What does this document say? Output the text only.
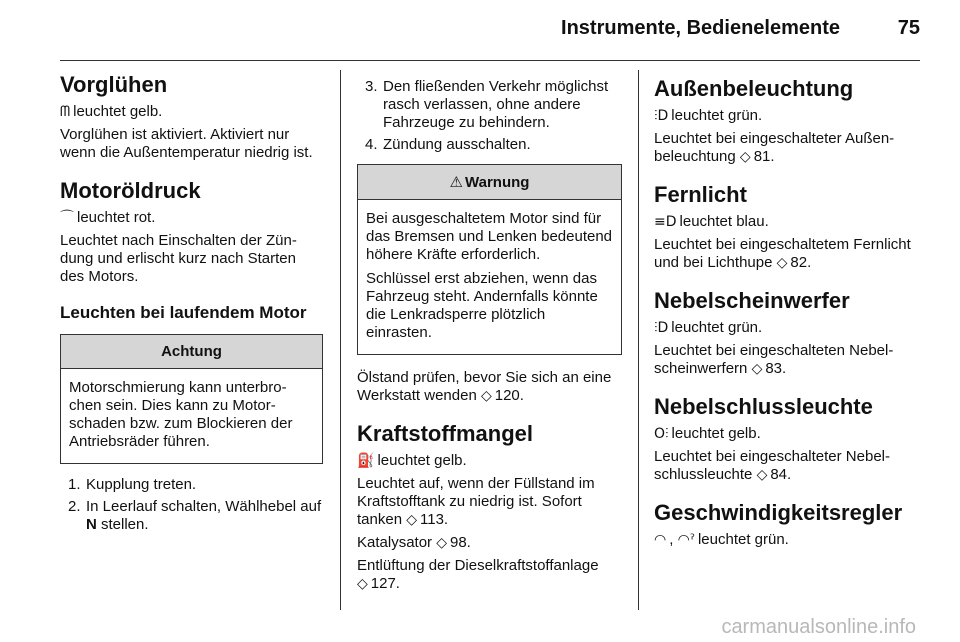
Instrumente, Bedienelemente	75
Vorglühen

ᗰ leuchtet gelb.

Vorglühen ist aktiviert. Aktiviert nur wenn die Außentemperatur niedrig ist.

Motoröldruck

⌒ leuchtet rot.

Leuchtet nach Einschalten der Zündung und erlischt kurz nach Starten des Motors.

Leuchten bei laufendem Motor
Achtung

Motorschmierung kann unterbrochen sein. Dies kann zu Motorschaden bzw. zum Blockieren der Antriebsräder führen.

1. Kupplung treten.
2. In Leerlauf schalten, Wählhebel auf N stellen.
3. Den fließenden Verkehr möglichst rasch verlassen, ohne andere Fahrzeuge zu behindern.
4. Zündung ausschalten.
⚠ Warnung

Bei ausgeschaltetem Motor sind für das Bremsen und Lenken bedeutend höhere Kräfte erforderlich.

Schlüssel erst abziehen, wenn das Fahrzeug steht. Andernfalls könnte die Lenkradsperre plötzlich einrasten.

Ölstand prüfen, bevor Sie sich an eine Werkstatt wenden ◇ 120.

Kraftstoffmangel

⛽ leuchtet gelb.

Leuchtet auf, wenn der Füllstand im Kraftstofftank zu niedrig ist. Sofort tanken ◇ 113.

Katalysator ◇ 98.

Entlüftung der Dieselkraftstoffanlage
◇ 127.

Außenbeleuchtung

⫶D leuchtet grün.

Leuchtet bei eingeschalteter Außenbeleuchtung ◇ 81.

Fernlicht

≡D leuchtet blau.

Leuchtet bei eingeschaltetem Fernlicht und bei Lichthupe ◇ 82.

Nebelscheinwerfer

⫶D leuchtet grün.

Leuchtet bei eingeschalteten Nebelscheinwerfern ◇ 83.

Nebelschlussleuchte

O⫶ leuchtet gelb.

Leuchtet bei eingeschalteter Nebelschlussleuchte ◇ 84.

Geschwindigkeitsregler

◠ , ◠ˀ leuchtet grün.

carmanualsonline.info
